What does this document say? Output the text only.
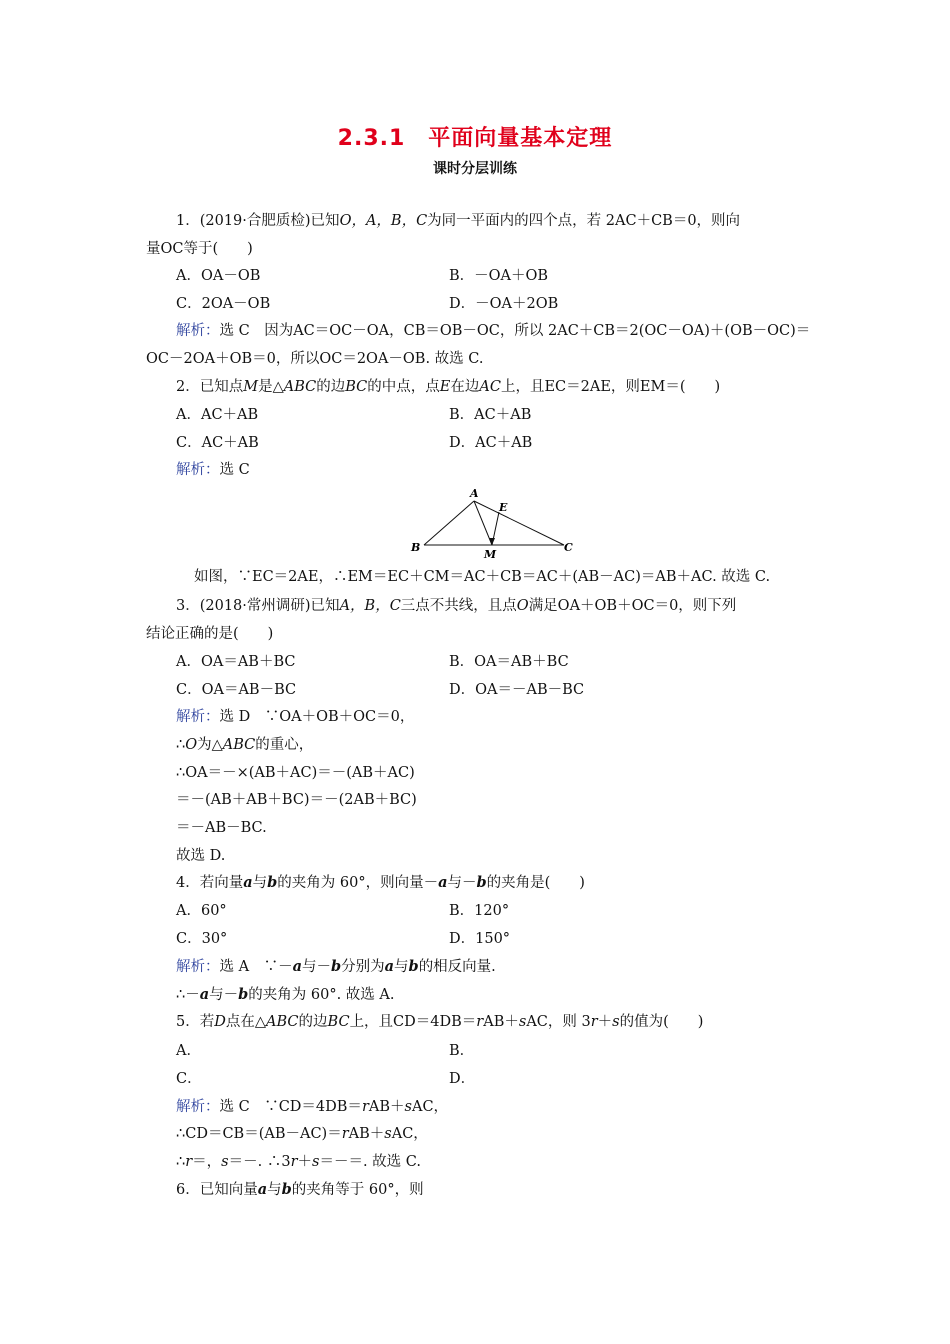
2.3.1　平面向量基本定理
课时分层训练
1．(2019·合肥质检)已知O，A，B，C为同一平面内的四个点，若 2AC＋CB＝0，则向
量OC等于(　　)
A．OA－OB	B．－OA＋OB
C．2OA－OB	D．－OA＋2OB
解析：选 C　因为AC＝OC－OA，CB＝OB－OC，所以 2AC＋CB＝2(OC－OA)＋(OB－OC)＝
OC－2OA＋OB＝0，所以OC＝2OA－OB. 故选 C.
2．已知点M是△ABC的边BC的中点，点E在边AC上，且EC＝2AE，则EM＝(　　)
A．AC＋AB	B．AC＋AB
C．AC＋AB	D．AC＋AB
解析：选 C
A
B	C
E
M
如图，∵EC＝2AE，∴EM＝EC＋CM＝AC＋CB＝AC＋(AB－AC)＝AB＋AC. 故选 C.
3．(2018·常州调研)已知A，B，C三点不共线，且点O满足OA＋OB＋OC＝0，则下列
结论正确的是(　　)
A．OA＝AB＋BC	B．OA＝AB＋BC
C．OA＝AB－BC	D．OA＝－AB－BC
解析：选 D　∵OA＋OB＋OC＝0，
∴O为△ABC的重心，
∴OA＝－×(AB＋AC)＝－(AB＋AC)
＝－(AB＋AB＋BC)＝－(2AB＋BC)
＝－AB－BC.
故选 D.
4．若向量a与b的夹角为 60°，则向量－a与－b的夹角是(　　)
A．60°	B．120°
C．30°	D．150°
解析：选 A　∵－a与－b分别为a与b的相反向量.
∴－a与－b的夹角为 60°. 故选 A.
5．若D点在△ABC的边BC上，且CD＝4DB＝rAB＋sAC，则 3r＋s的值为(　　)
A．	B．
C．	D．
解析：选 C　∵CD＝4DB＝rAB＋sAC，
∴CD＝CB＝(AB－AC)＝rAB＋sAC，
∴r＝，s＝－. ∴3r＋s＝－＝. 故选 C.
6．已知向量a与b的夹角等于 60°，则
